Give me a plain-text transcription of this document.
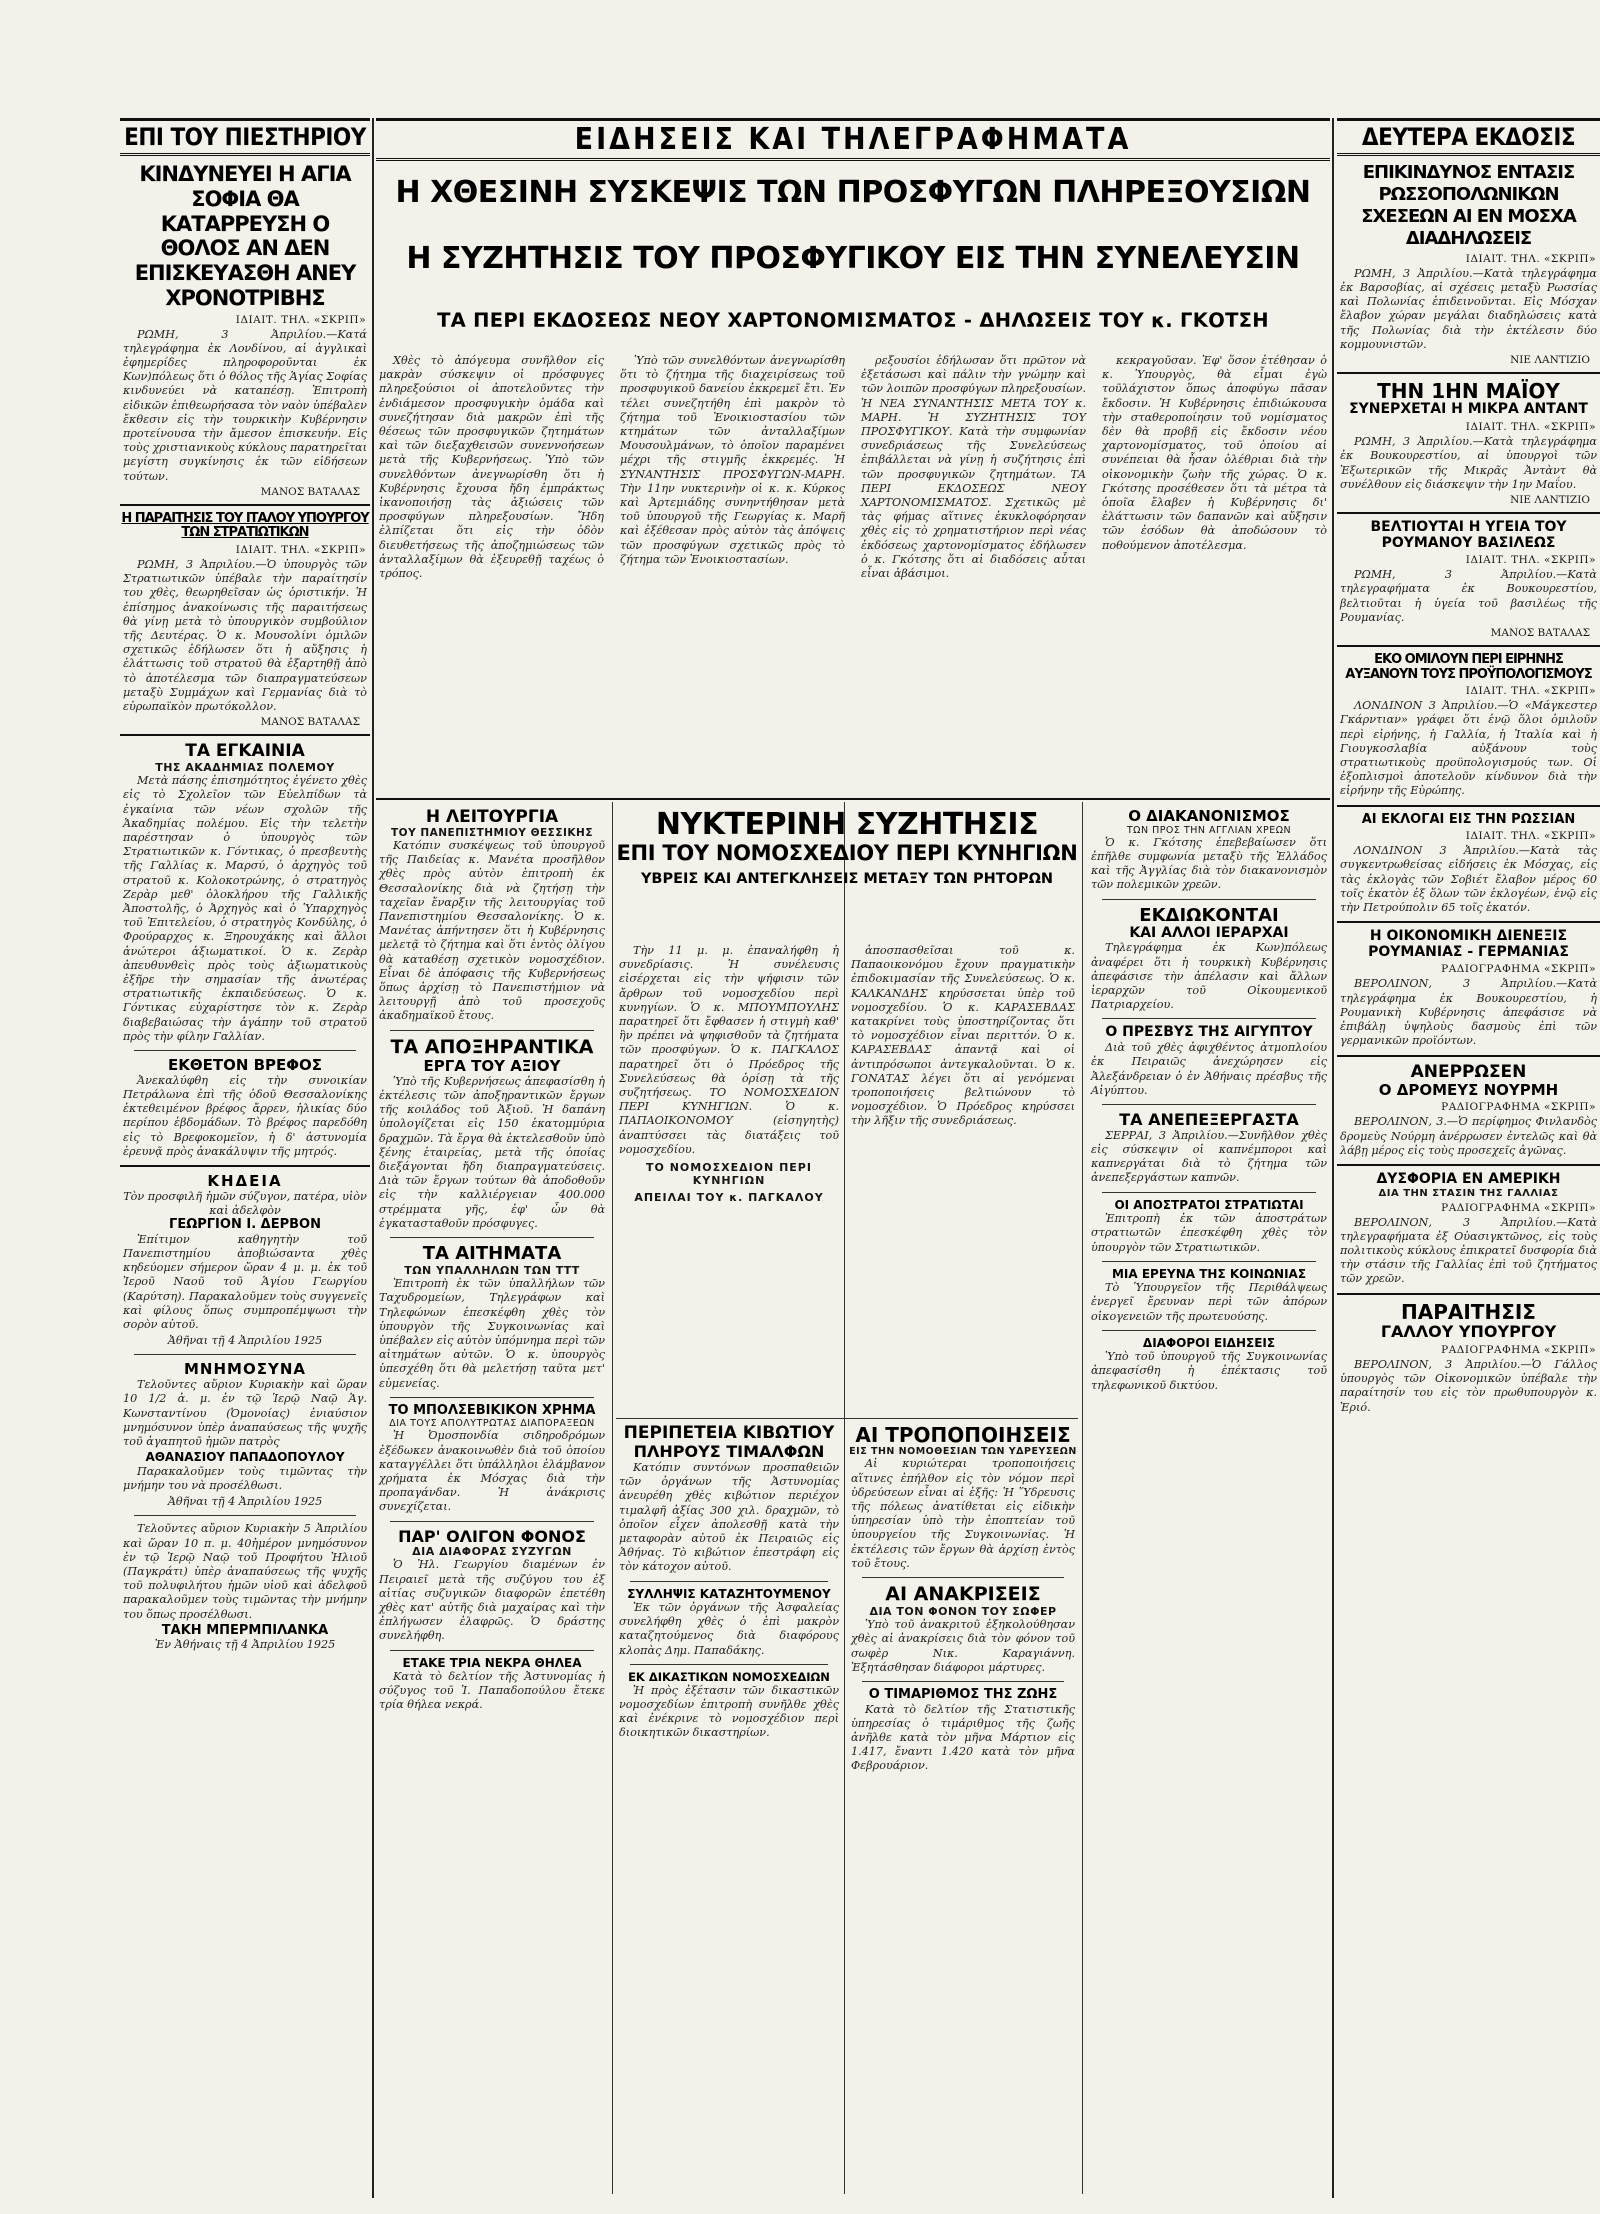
ΕΠΙ ΤΟΥ ΠΙΕΣΤΗΡΙΟΥ
ΚΙΝΔΥΝΕΥΕΙ Η ΑΓΙΑ ΣΟΦΙΑ ΘΑ ΚΑΤΑΡΡΕΥΣΗ Ο ΘΟΛΟΣ ΑΝ ΔΕΝ ΕΠΙΣΚΕΥΑΣΘΗ ΑΝΕΥ ΧΡΟΝΟΤΡΙΒΗΣ
ΙΔΙΑΙΤ. ΤΗΛ. «ΣΚΡΙΠ»

ΡΩΜΗ, 3 Ἀπριλίου.—Κατά τηλεγράφημα ἐκ Λονδίνου, αἱ ἀγγλικαὶ ἐφημερίδες πληροφοροῦνται ἐκ Κων)πόλεως ὅτι ὁ θόλος τῆς Ἁγίας Σοφίας κινδυνεύει νὰ καταπέσῃ. Ἐπιτροπὴ εἰδικῶν ἐπιθεωρήσασα τὸν ναὸν ὑπέβαλεν ἔκθεσιν εἰς τὴν τουρκικὴν Κυβέρνησιν προτείνουσα τὴν ἄμεσον ἐπισκευήν. Εἰς τοὺς χριστιανικοὺς κύκλους παρατηρεῖται μεγίστη συγκίνησις ἐκ τῶν εἰδήσεων τούτων.

ΜΑΝΟΣ ΒΑΤΑΛΑΣ
Η ΠΑΡΑΙΤΗΣΙΣ ΤΟΥ ΙΤΑΛΟΥ ΥΠΟΥΡΓΟΥ ΤΩΝ ΣΤΡΑΤΙΩΤΙΚΩΝ
ΙΔΙΑΙΤ. ΤΗΛ. «ΣΚΡΙΠ»

ΡΩΜΗ, 3 Ἀπριλίου.—Ὁ ὑπουργὸς τῶν Στρατιωτικῶν ὑπέβαλε τὴν παραίτησίν του χθὲς, θεωρηθεῖσαν ὡς ὁριστικήν. Ἡ ἐπίσημος ἀνακοίνωσις τῆς παραιτήσεως θὰ γίνῃ μετὰ τὸ ὑπουργικὸν συμβούλιον τῆς Δευτέρας. Ὁ κ. Μουσολίνι ὁμιλῶν σχετικῶς ἐδήλωσεν ὅτι ἡ αὔξησις ἡ ἐλάττωσις τοῦ στρατοῦ θὰ ἐξαρτηθῇ ἀπὸ τὸ ἀποτέλεσμα τῶν διαπραγματεύσεων μεταξὺ Συμμάχων καὶ Γερμανίας διὰ τὸ εὐρωπαϊκὸν πρωτόκολλον.

ΜΑΝΟΣ ΒΑΤΑΛΑΣ
ΤΑ ΕΓΚΑΙΝΙΑ
ΤΗΣ ΑΚΑΔΗΜΙΑΣ ΠΟΛΕΜΟΥ

Μετὰ πάσης ἐπισημότητος ἐγένετο χθὲς εἰς τὸ Σχολεῖον τῶν Εὐελπίδων τὰ ἐγκαίνια τῶν νέων σχολῶν τῆς Ἀκαδημίας πολέμου. Εἰς τὴν τελετὴν παρέστησαν ὁ ὑπουργὸς τῶν Στρατιωτικῶν κ. Γόντικας, ὁ πρεσβευτὴς τῆς Γαλλίας κ. Μαρσύ, ὁ ἀρχηγὸς τοῦ στρατοῦ κ. Κολοκοτρώνης, ὁ στρατηγὸς Ζερὰρ μεθ' ὁλοκλήρου τῆς Γαλλικῆς Ἀποστολῆς, ὁ Ἀρχηγὸς καὶ ὁ Ὑπαρχηγὸς τοῦ Ἐπιτελείου, ὁ στρατηγὸς Κονδύλης, ὁ Φρούραρχος κ. Ξηρουχάκης καὶ ἄλλοι ἀνώτεροι ἀξιωματικοί. Ὁ κ. Ζερὰρ ἀπευθυνθεὶς πρὸς τοὺς ἀξιωματικοὺς ἐξῆρε τὴν σημασίαν τῆς ἀνωτέρας στρατιωτικῆς ἐκπαιδεύσεως. Ὁ κ. Γόντικας εὐχαρίστησε τὸν κ. Ζερὰρ διαβεβαιώσας τὴν ἀγάπην τοῦ στρατοῦ πρὸς τὴν φίλην Γαλλίαν.

ΕΚΘΕΤΟΝ ΒΡΕΦΟΣ

Ἀνεκαλύφθη εἰς τὴν συνοικίαν Πετράλωνα ἐπὶ τῆς ὁδοῦ Θεσσαλονίκης ἐκτεθειμένον βρέφος ἄρρεν, ἡλικίας δύο περίπου ἑβδομάδων. Τὸ βρέφος παρεδόθη εἰς τὸ Βρεφοκομεῖον, ἡ δ' ἀστυνομία ἐρευνᾷ πρὸς ἀνακάλυψιν τῆς μητρός.

ΚΗΔΕΙΑ
Τὸν προσφιλῆ ἡμῶν σύζυγον, πατέρα, υἱὸν καὶ ἀδελφὸν
ΓΕΩΡΓΙΟΝ Ι. ΔΕΡΒΟΝ

Ἐπίτιμον καθηγητὴν τοῦ Πανεπιστημίου ἀποβιώσαντα χθὲς κηδεύομεν σήμερον ὥραν 4 μ. μ. ἐκ τοῦ Ἱεροῦ Ναοῦ τοῦ Ἁγίου Γεωργίου (Καρύτση). Παρακαλοῦμεν τοὺς συγγενεῖς καὶ φίλους ὅπως συμπροπέμψωσι τὴν σορὸν αὐτοῦ.

Ἀθῆναι τῇ 4 Ἀπριλίου 1925
ΜΝΗΜΟΣΥΝΑ

Τελοῦντες αὔριον Κυριακὴν καὶ ὥραν 10 1/2 ἀ. μ. ἐν τῷ Ἱερῷ Ναῷ Ἁγ. Κωνσταντίνου (Ὀμονοίας) ἐνιαύσιον μνημόσυνον ὑπὲρ ἀναπαύσεως τῆς ψυχῆς τοῦ ἀγαπητοῦ ἡμῶν πατρὸς

ΑΘΑΝΑΣΙΟΥ ΠΑΠΑΔΟΠΟΥΛΟΥ

Παρακαλοῦμεν τοὺς τιμῶντας τὴν μνήμην του νὰ προσέλθωσι.

Ἀθῆναι τῇ 4 Ἀπριλίου 1925

Τελοῦντες αὔριον Κυριακὴν 5 Ἀπριλίου καὶ ὥραν 10 π. μ. 40ἡμέρον μνημόσυνον ἐν τῷ Ἱερῷ Ναῷ τοῦ Προφήτου Ἠλιοῦ (Παγκράτι) ὑπὲρ ἀναπαύσεως τῆς ψυχῆς τοῦ πολυφιλήτου ἡμῶν υἱοῦ καὶ ἀδελφοῦ παρακαλοῦμεν τοὺς τιμῶντας τὴν μνήμην του ὅπως προσέλθωσι.

ΤΑΚΗ ΜΠΕΡΜΠΙΛΑΝΚΑ
Ἐν Ἀθήναις τῇ 4 Ἀπριλίου 1925
ΕΙΔΗΣΕΙΣ ΚΑΙ ΤΗΛΕΓΡΑΦΗΜΑΤΑ
Η ΧΘΕΣΙΝΗ ΣΥΣΚΕΨΙΣ ΤΩΝ ΠΡΟΣΦΥΓΩΝ ΠΛΗΡΕΞΟΥΣΙΩΝ
Η ΣΥΖΗΤΗΣΙΣ ΤΟΥ ΠΡΟΣΦΥΓΙΚΟΥ ΕΙΣ ΤΗΝ ΣΥΝΕΛΕΥΣΙΝ
ΤΑ ΠΕΡΙ ΕΚΔΟΣΕΩΣ ΝΕΟΥ ΧΑΡΤΟΝΟΜΙΣΜΑΤΟΣ - ΔΗΛΩΣΕΙΣ ΤΟΥ κ. ΓΚΟΤΣΗ

Χθὲς τὸ ἀπόγευμα συνῆλθον εἰς μακρὰν σύσκεψιν οἱ πρόσφυγες πληρεξούσιοι οἱ ἀποτελοῦντες τὴν ἐνδιάμεσον προσφυγικὴν ὁμάδα καὶ συνεζήτησαν διὰ μακρῶν ἐπὶ τῆς θέσεως τῶν προσφυγικῶν ζητημάτων καὶ τῶν διεξαχθεισῶν συνεννοήσεων μετὰ τῆς Κυβερνήσεως. Ὑπὸ τῶν συνελθόντων ἀνεγνωρίσθη ὅτι ἡ Κυβέρνησις ἔχουσα ἤδη ἐμπράκτως ἱκανοποιήσῃ τὰς ἀξιώσεις τῶν προσφύγων πληρεξουσίων. Ἤδη ἐλπίζεται ὅτι εἰς τὴν ὁδὸν διευθετήσεως τῆς ἀποζημιώσεως τῶν ἀνταλλαξίμων θὰ ἐξευρεθῇ ταχέως ὁ τρόπος.

Ὑπὸ τῶν συνελθόντων ἀνεγνωρίσθη ὅτι τὸ ζήτημα τῆς διαχειρίσεως τοῦ προσφυγικοῦ δανείου ἐκκρεμεῖ ἔτι. Ἐν τέλει συνεζητήθη ἐπὶ μακρὸν τὸ ζήτημα τοῦ Ἐνοικιοστασίου τῶν κτημάτων τῶν ἀνταλλαξίμων Μουσουλμάνων, τὸ ὁποῖον παραμένει μέχρι τῆς στιγμῆς ἐκκρεμές. Ἡ ΣΥΝΑΝΤΗΣΙΣ ΠΡΟΣΦΥΓΩΝ-ΜΑΡΗ. Τὴν 11ην νυκτερινὴν οἱ κ. κ. Κύρκος καὶ Ἀρτεμιάδης συνηντήθησαν μετὰ τοῦ ὑπουργοῦ τῆς Γεωργίας κ. Μαρῆ καὶ ἐξέθεσαν πρὸς αὐτὸν τὰς ἀπόψεις τῶν προσφύγων σχετικῶς πρὸς τὸ ζήτημα τῶν Ἐνοικιοστασίων.

ρεξουσίοι ἐδήλωσαν ὅτι πρῶτον νὰ ἐξετάσωσι καὶ πάλιν τὴν γνώμην καὶ τῶν λοιπῶν προσφύγων πληρεξουσίων. Ἡ ΝΕΑ ΣΥΝΑΝΤΗΣΙΣ ΜΕΤΑ ΤΟΥ κ. ΜΑΡΗ. Ἡ ΣΥΖΗΤΗΣΙΣ ΤΟΥ ΠΡΟΣΦΥΓΙΚΟΥ. Κατὰ τὴν συμφωνίαν συνεδριάσεως τῆς Συνελεύσεως ἐπιβάλλεται νὰ γίνῃ ἡ συζήτησις ἐπὶ τῶν προσφυγικῶν ζητημάτων. ΤΑ ΠΕΡΙ ΕΚΔΟΣΕΩΣ ΝΕΟΥ ΧΑΡΤΟΝΟΜΙΣΜΑΤΟΣ. Σχετικῶς μὲ τὰς φήμας αἵτινες ἐκυκλοφόρησαν χθὲς εἰς τὸ χρηματιστήριον περὶ νέας ἐκδόσεως χαρτονομίσματος ἐδήλωσεν ὁ κ. Γκότσης ὅτι αἱ διαδόσεις αὗται εἶναι ἀβάσιμοι.

κεκραγοῦσαν. Ἐφ' ὅσον ἐτέθησαν ὁ κ. Ὑπουργὸς, θὰ εἶμαι ἐγὼ τοῦλάχιστον ὅπως ἀποφύγω πᾶσαν ἔκδοσιν. Ἡ Κυβέρνησις ἐπιδιώκουσα τὴν σταθεροποίησιν τοῦ νομίσματος δὲν θὰ προβῇ εἰς ἔκδοσιν νέου χαρτονομίσματος, τοῦ ὁποίου αἱ συνέπειαι θὰ ἦσαν ὀλέθριαι διὰ τὴν οἰκονομικὴν ζωὴν τῆς χώρας. Ὁ κ. Γκότσης προσέθεσεν ὅτι τὰ μέτρα τὰ ὁποῖα ἔλαβεν ἡ Κυβέρνησις δι' ἐλάττωσιν τῶν δαπανῶν καὶ αὔξησιν τῶν ἐσόδων θὰ ἀποδώσουν τὸ ποθούμενον ἀποτέλεσμα.

Η ΛΕΙΤΟΥΡΓΙΑ
ΤΟΥ ΠΑΝΕΠΙΣΤΗΜΙΟΥ ΘΕΣΣΙΚΗΣ

Κατόπιν συσκέψεως τοῦ ὑπουργοῦ τῆς Παιδείας κ. Μανέτα προσῆλθον χθὲς πρὸς αὐτὸν ἐπιτροπὴ ἐκ Θεσσαλονίκης διὰ νὰ ζητήσῃ τὴν ταχεῖαν ἔναρξιν τῆς λειτουργίας τοῦ Πανεπιστημίου Θεσσαλονίκης. Ὁ κ. Μανέτας ἀπήντησεν ὅτι ἡ Κυβέρνησις μελετᾷ τὸ ζήτημα καὶ ὅτι ἐντὸς ὀλίγου θὰ καταθέσῃ σχετικὸν νομοσχέδιον. Εἶναι δὲ ἀπόφασις τῆς Κυβερνήσεως ὅπως ἀρχίσῃ τὸ Πανεπιστήμιον νὰ λειτουργῇ ἀπὸ τοῦ προσεχοῦς ἀκαδημαϊκοῦ ἔτους.

ΤΑ ΑΠΟΞΗΡΑΝΤΙΚΑ
ΕΡΓΑ ΤΟΥ ΑΞΙΟΥ

Ὑπὸ τῆς Κυβερνήσεως ἀπεφασίσθη ἡ ἐκτέλεσις τῶν ἀποξηραντικῶν ἔργων τῆς κοιλάδος τοῦ Ἀξιοῦ. Ἡ δαπάνη ὑπολογίζεται εἰς 150 ἑκατομμύρια δραχμῶν. Τὰ ἔργα θὰ ἐκτελεσθοῦν ὑπὸ ξένης ἑταιρείας, μετὰ τῆς ὁποίας διεξάγονται ἤδη διαπραγματεύσεις. Διὰ τῶν ἔργων τούτων θὰ ἀποδοθοῦν εἰς τὴν καλλιέργειαν 400.000 στρέμματα γῆς, ἐφ' ὧν θὰ ἐγκατασταθοῦν πρόσφυγες.

ΤΑ ΑΙΤΗΜΑΤΑ
ΤΩΝ ΥΠΑΛΛΗΛΩΝ ΤΩΝ ΤΤΤ

Ἐπιτροπὴ ἐκ τῶν ὑπαλλήλων τῶν Ταχυδρομείων, Τηλεγράφων καὶ Τηλεφώνων ἐπεσκέφθη χθὲς τὸν ὑπουργὸν τῆς Συγκοινωνίας καὶ ὑπέβαλεν εἰς αὐτὸν ὑπόμνημα περὶ τῶν αἰτημάτων αὐτῶν. Ὁ κ. ὑπουργὸς ὑπεσχέθη ὅτι θὰ μελετήσῃ ταῦτα μετ' εὐμενείας.

ΤΟ ΜΠΟΛΣΕΒΙΚΙΚΟΝ ΧΡΗΜΑ
ΔΙΑ ΤΟΥΣ ΑΠΟΛΥΤΡΩΤΑΣ ΔΙΑΠΟΡΑΞΕΩΝ

Ἡ Ὀμοσπονδία σιδηροδρόμων ἐξέδωκεν ἀνακοινωθὲν διὰ τοῦ ὁποίου καταγγέλλει ὅτι ὑπάλληλοι ἐλάμβανον χρήματα ἐκ Μόσχας διὰ τὴν προπαγάνδαν. Ἡ ἀνάκρισις συνεχίζεται.

ΠΑΡ' ΟΛΙΓΟΝ ΦΟΝΟΣ
ΔΙΑ ΔΙΑΦΟΡΑΣ ΣΥΖΥΓΩΝ

Ὁ Ἠλ. Γεωργίου διαμένων ἐν Πειραιεῖ μετὰ τῆς συζύγου του ἐξ αἰτίας συζυγικῶν διαφορῶν ἐπετέθη χθὲς κατ' αὐτῆς διὰ μαχαίρας καὶ τὴν ἐπλήγωσεν ἐλαφρῶς. Ὁ δράστης συνελήφθη.

ΕΤΑΚΕ ΤΡΙΑ ΝΕΚΡΑ ΘΗΛΕΑ

Κατὰ τὸ δελτίον τῆς Ἀστυνομίας ἡ σύζυγος τοῦ Ἰ. Παπαδοπούλου ἔτεκε τρία θήλεα νεκρά.

ΝΥΚΤΕΡΙΝΗ ΣΥΖΗΤΗΣΙΣ
ΕΠΙ ΤΟΥ ΝΟΜΟΣΧΕΔΙΟΥ ΠΕΡΙ ΚΥΝΗΓΙΩΝ
ΥΒΡΕΙΣ ΚΑΙ ΑΝΤΕΓΚΛΗΣΕΙΣ ΜΕΤΑΞΥ ΤΩΝ ΡΗΤΟΡΩΝ

Τὴν 11 μ. μ. ἐπαναλήφθη ἡ συνεδρίασις. Ἡ συνέλευσις εἰσέρχεται εἰς τὴν ψήφισιν τῶν ἄρθρων τοῦ νομοσχεδίου περὶ κυνηγίων. Ὁ κ. ΜΠΟΥΜΠΟΥΛΗΣ παρατηρεῖ ὅτι ἔφθασεν ἡ στιγμὴ καθ' ἣν πρέπει νὰ ψηφισθοῦν τὰ ζητήματα τῶν προσφύγων. Ὁ κ. ΠΑΓΚΑΛΟΣ παρατηρεῖ ὅτι ὁ Πρόεδρος τῆς Συνελεύσεως θὰ ὁρίσῃ τὰ τῆς συζητήσεως. ΤΟ ΝΟΜΟΣΧΕΔΙΟΝ ΠΕΡΙ ΚΥΝΗΓΙΩΝ. Ὁ κ. ΠΑΠΑΟΙΚΟΝΟΜΟΥ (εἰσηγητὴς) ἀναπτύσσει τὰς διατάξεις τοῦ νομοσχεδίου.

ΤΟ ΝΟΜΟΣΧΕΔΙΟΝ ΠΕΡΙ ΚΥΝΗΓΙΩΝ
ΑΠΕΙΛΑΙ ΤΟΥ κ. ΠΑΓΚΑΛΟΥ

ἀποσπασθεῖσαι τοῦ κ. Παπαοικονόμου ἔχουν πραγματικὴν ἐπιδοκιμασίαν τῆς Συνελεύσεως. Ὁ κ. ΚΑΛΚΑΝΔΗΣ κηρύσσεται ὑπὲρ τοῦ νομοσχεδίου. Ὁ κ. ΚΑΡΑΣΕΒΔΑΣ κατακρίνει τοὺς ὑποστηρίζοντας ὅτι τὸ νομοσχέδιον εἶναι περιττόν. Ὁ κ. ΚΑΡΑΣΕΒΔΑΣ ἀπαντᾷ καὶ οἱ ἀντιπρόσωποι ἀντεγκαλοῦνται. Ὁ κ. ΓΟΝΑΤΑΣ λέγει ὅτι αἱ γενόμεναι τροποποιήσεις βελτιώνουν τὸ νομοσχέδιον. Ὁ Πρόεδρος κηρύσσει τὴν λῆξιν τῆς συνεδριάσεως.

ΠΕΡΙΠΕΤΕΙΑ ΚΙΒΩΤΙΟΥ
ΠΛΗΡΟΥΣ ΤΙΜΑΛΦΩΝ

Κατόπιν συντόνων προσπαθειῶν τῶν ὀργάνων τῆς Ἀστυνομίας ἀνευρέθη χθὲς κιβώτιον περιέχον τιμαλφῆ ἀξίας 300 χιλ. δραχμῶν, τὸ ὁποῖον εἶχεν ἀπολεσθῇ κατὰ τὴν μεταφορὰν αὐτοῦ ἐκ Πειραιῶς εἰς Ἀθήνας. Τὸ κιβώτιον ἐπεστράφη εἰς τὸν κάτοχον αὐτοῦ.

ΣΥΛΛΗΨΙΣ ΚΑΤΑΖΗΤΟΥΜΕΝΟΥ

Ἐκ τῶν ὀργάνων τῆς Ἀσφαλείας συνελήφθη χθὲς ὁ ἐπὶ μακρὸν καταζητούμενος διὰ διαφόρους κλοπὰς Δημ. Παπαδάκης.

ΕΚ ΔΙΚΑΣΤΙΚΩΝ ΝΟΜΟΣΧΕΔΙΩΝ

Ἡ πρὸς ἐξέτασιν τῶν δικαστικῶν νομοσχεδίων ἐπιτροπὴ συνῆλθε χθὲς καὶ ἐνέκρινε τὸ νομοσχέδιον περὶ διοικητικῶν δικαστηρίων.

ΑΙ ΤΡΟΠΟΠΟΙΗΣΕΙΣ
ΕΙΣ ΤΗΝ ΝΟΜΟΘΕΣΙΑΝ ΤΩΝ ΥΔΡΕΥΣΕΩΝ

Αἱ κυριώτεραι τροποποιήσεις αἵτινες ἐπήλθον εἰς τὸν νόμον περὶ ὑδρεύσεων εἶναι αἱ ἑξῆς: Ἡ Ὕδρευσις τῆς πόλεως ἀνατίθεται εἰς εἰδικὴν ὑπηρεσίαν ὑπὸ τὴν ἐποπτείαν τοῦ ὑπουργείου τῆς Συγκοινωνίας. Ἡ ἐκτέλεσις τῶν ἔργων θὰ ἀρχίσῃ ἐντὸς τοῦ ἔτους.

ΑΙ ΑΝΑΚΡΙΣΕΙΣ
ΔΙΑ ΤΟΝ ΦΟΝΟΝ ΤΟΥ ΣΩΦΕΡ

Ὑπὸ τοῦ ἀνακριτοῦ ἐξηκολούθησαν χθὲς αἱ ἀνακρίσεις διὰ τὸν φόνον τοῦ σωφὲρ Νικ. Καραγιάννη. Ἐξητάσθησαν διάφοροι μάρτυρες.

Ο ΤΙΜΑΡΙΘΜΟΣ ΤΗΣ ΖΩΗΣ

Κατὰ τὸ δελτίον τῆς Στατιστικῆς ὑπηρεσίας ὁ τιμάριθμος τῆς ζωῆς ἀνῆλθε κατὰ τὸν μῆνα Μάρτιον εἰς 1.417, ἔναντι 1.420 κατὰ τὸν μῆνα Φεβρουάριον.

Ο ΔΙΑΚΑΝΟΝΙΣΜΟΣ
ΤΩΝ ΠΡΟΣ ΤΗΝ ΑΓΓΛΙΑΝ ΧΡΕΩΝ

Ὁ κ. Γκότσης ἐπεβεβαίωσεν ὅτι ἐπῆλθε συμφωνία μεταξὺ τῆς Ἑλλάδος καὶ τῆς Ἀγγλίας διὰ τὸν διακανονισμὸν τῶν πολεμικῶν χρεῶν.

ΕΚΔΙΩΚΟΝΤΑΙ
ΚΑΙ ΑΛΛΟΙ ΙΕΡΑΡΧΑΙ

Τηλεγράφημα ἐκ Κων)πόλεως ἀναφέρει ὅτι ἡ τουρκικὴ Κυβέρνησις ἀπεφάσισε τὴν ἀπέλασιν καὶ ἄλλων ἱεραρχῶν τοῦ Οἰκουμενικοῦ Πατριαρχείου.

Ο ΠΡΕΣΒΥΣ ΤΗΣ ΑΙΓΥΠΤΟΥ

Διὰ τοῦ χθὲς ἀφιχθέντος ἀτμοπλοίου ἐκ Πειραιῶς ἀνεχώρησεν εἰς Ἀλεξάνδρειαν ὁ ἐν Ἀθήναις πρέσβυς τῆς Αἰγύπτου.

ΤΑ ΑΝΕΠΕΞΕΡΓΑΣΤΑ

ΣΕΡΡΑΙ, 3 Ἀπριλίου.—Συνῆλθον χθὲς εἰς σύσκεψιν οἱ καπνέμποροι καὶ καπνεργάται διὰ τὸ ζήτημα τῶν ἀνεπεξεργάστων καπνῶν.

ΟΙ ΑΠΟΣΤΡΑΤΟΙ ΣΤΡΑΤΙΩΤΑΙ

Ἐπιτροπὴ ἐκ τῶν ἀποστράτων στρατιωτῶν ἐπεσκέφθη χθὲς τὸν ὑπουργὸν τῶν Στρατιωτικῶν.

ΜΙΑ ΕΡΕΥΝΑ ΤΗΣ ΚΟΙΝΩΝΙΑΣ

Τὸ Ὑπουργεῖον τῆς Περιθάλψεως ἐνεργεῖ ἔρευναν περὶ τῶν ἀπόρων οἰκογενειῶν τῆς πρωτευούσης.

ΔΙΑΦΟΡΟΙ ΕΙΔΗΣΕΙΣ

Ὑπὸ τοῦ ὑπουργοῦ τῆς Συγκοινωνίας ἀπεφασίσθη ἡ ἐπέκτασις τοῦ τηλεφωνικοῦ δικτύου.

ΔΕΥΤΕΡΑ ΕΚΔΟΣΙΣ
ΕΠΙΚΙΝΔΥΝΟΣ ΕΝΤΑΣΙΣ ΡΩΣΣΟΠΟΛΩΝΙΚΩΝ ΣΧΕΣΕΩΝ ΑΙ ΕΝ ΜΟΣΧΑ ΔΙΑΔΗΛΩΣΕΙΣ
ΙΔΙΑΙΤ. ΤΗΛ. «ΣΚΡΙΠ»

ΡΩΜΗ, 3 Ἀπριλίου.—Κατὰ τηλεγράφημα ἐκ Βαρσοβίας, αἱ σχέσεις μεταξὺ Ρωσσίας καὶ Πολωνίας ἐπιδεινοῦνται. Εἰς Μόσχαν ἔλαβον χώραν μεγάλαι διαδηλώσεις κατὰ τῆς Πολωνίας διὰ τὴν ἐκτέλεσιν δύο κομμουνιστῶν.

ΝΙΕ ΛΑΝΤΙΖΙΟ
ΤΗΝ 1ΗΝ ΜΑΪΟΥ
ΣΥΝΕΡΧΕΤΑΙ Η ΜΙΚΡΑ ΑΝΤΑΝΤ
ΙΔΙΑΙΤ. ΤΗΛ. «ΣΚΡΙΠ»

ΡΩΜΗ, 3 Ἀπριλίου.—Κατὰ τηλεγράφημα ἐκ Βουκουρεστίου, αἱ ὑπουργοὶ τῶν Ἐξωτερικῶν τῆς Μικρᾶς Ἀντὰντ θὰ συνέλθουν εἰς διάσκεψιν τὴν 1ην Μαΐου.

ΝΙΕ ΛΑΝΤΙΖΙΟ
ΒΕΛΤΙΟΥΤΑΙ Η ΥΓΕΙΑ ΤΟΥ ΡΟΥΜΑΝΟΥ ΒΑΣΙΛΕΩΣ
ΙΔΙΑΙΤ. ΤΗΛ. «ΣΚΡΙΠ»

ΡΩΜΗ, 3 Ἀπριλίου.—Κατὰ τηλεγραφήματα ἐκ Βουκουρεστίου, βελτιοῦται ἡ ὑγεία τοῦ βασιλέως τῆς Ρουμανίας.

ΜΑΝΟΣ ΒΑΤΑΛΑΣ
ΕΚΟ ΟΜΙΛΟΥΝ ΠΕΡΙ ΕΙΡΗΝΗΣ ΑΥΞΑΝΟΥΝ ΤΟΥΣ ΠΡΟΫΠΟΛΟΓΙΣΜΟΥΣ
ΙΔΙΑΙΤ. ΤΗΛ. «ΣΚΡΙΠ»

ΛΟΝΔΙΝΟΝ 3 Ἀπριλίου.—Ὁ «Μάγκεστερ Γκάρντιαν» γράφει ὅτι ἐνῷ ὅλοι ὁμιλοῦν περὶ εἰρήνης, ἡ Γαλλία, ἡ Ἰταλία καὶ ἡ Γιουγκοσλαβία αὐξάνουν τοὺς στρατιωτικοὺς προϋπολογισμούς των. Οἱ ἐξοπλισμοὶ ἀποτελοῦν κίνδυνον διὰ τὴν εἰρήνην τῆς Εὐρώπης.

ΑΙ ΕΚΛΟΓΑΙ ΕΙΣ ΤΗΝ ΡΩΣΣΙΑΝ
ΙΔΙΑΙΤ. ΤΗΛ. «ΣΚΡΙΠ»

ΛΟΝΔΙΝΟΝ 3 Ἀπριλίου.—Κατὰ τὰς συγκεντρωθείσας εἰδήσεις ἐκ Μόσχας, εἰς τὰς ἐκλογὰς τῶν Σοβιέτ ἔλαβον μέρος 60 τοῖς ἑκατὸν ἐξ ὅλων τῶν ἐκλογέων, ἐνῷ εἰς τὴν Πετρούπολιν 65 τοῖς ἑκατόν.

Η ΟΙΚΟΝΟΜΙΚΗ ΔΙΕΝΕΞΙΣ ΡΟΥΜΑΝΙΑΣ - ΓΕΡΜΑΝΙΑΣ
ΡΑΔΙΟΓΡΑΦΗΜΑ «ΣΚΡΙΠ»

ΒΕΡΟΛΙΝΟΝ, 3 Ἀπριλίου.—Κατὰ τηλεγράφημα ἐκ Βουκουρεστίου, ἡ Ρουμανικὴ Κυβέρνησις ἀπεφάσισε νὰ ἐπιβάλῃ ὑψηλοὺς δασμοὺς ἐπὶ τῶν γερμανικῶν προϊόντων.

ΑΝΕΡΡΩΣΕΝ
Ο ΔΡΟΜΕΥΣ ΝΟΥΡΜΗ
ΡΑΔΙΟΓΡΑΦΗΜΑ «ΣΚΡΙΠ»

ΒΕΡΟΛΙΝΟΝ, 3.—Ὁ περίφημος Φινλανδὸς δρομεὺς Νούρμη ἀνέρρωσεν ἐντελῶς καὶ θὰ λάβῃ μέρος εἰς τοὺς προσεχεῖς ἀγῶνας.

ΔΥΣΦΟΡΙΑ ΕΝ ΑΜΕΡΙΚΗ
ΔΙΑ ΤΗΝ ΣΤΑΣΙΝ ΤΗΣ ΓΑΛΛΙΑΣ
ΡΑΔΙΟΓΡΑΦΗΜΑ «ΣΚΡΙΠ»

ΒΕΡΟΛΙΝΟΝ, 3 Ἀπριλίου.—Κατὰ τηλεγραφήματα ἐξ Οὐασιγκτῶνος, εἰς τοὺς πολιτικοὺς κύκλους ἐπικρατεῖ δυσφορία διὰ τὴν στάσιν τῆς Γαλλίας ἐπὶ τοῦ ζητήματος τῶν χρεῶν.

ΠΑΡΑΙΤΗΣΙΣ
ΓΑΛΛΟΥ ΥΠΟΥΡΓΟΥ
ΡΑΔΙΟΓΡΑΦΗΜΑ «ΣΚΡΙΠ»

ΒΕΡΟΛΙΝΟΝ, 3 Ἀπριλίου.—Ὁ Γάλλος ὑπουργὸς τῶν Οἰκονομικῶν ὑπέβαλε τὴν παραίτησίν του εἰς τὸν πρωθυπουργὸν κ. Ἑριό.
